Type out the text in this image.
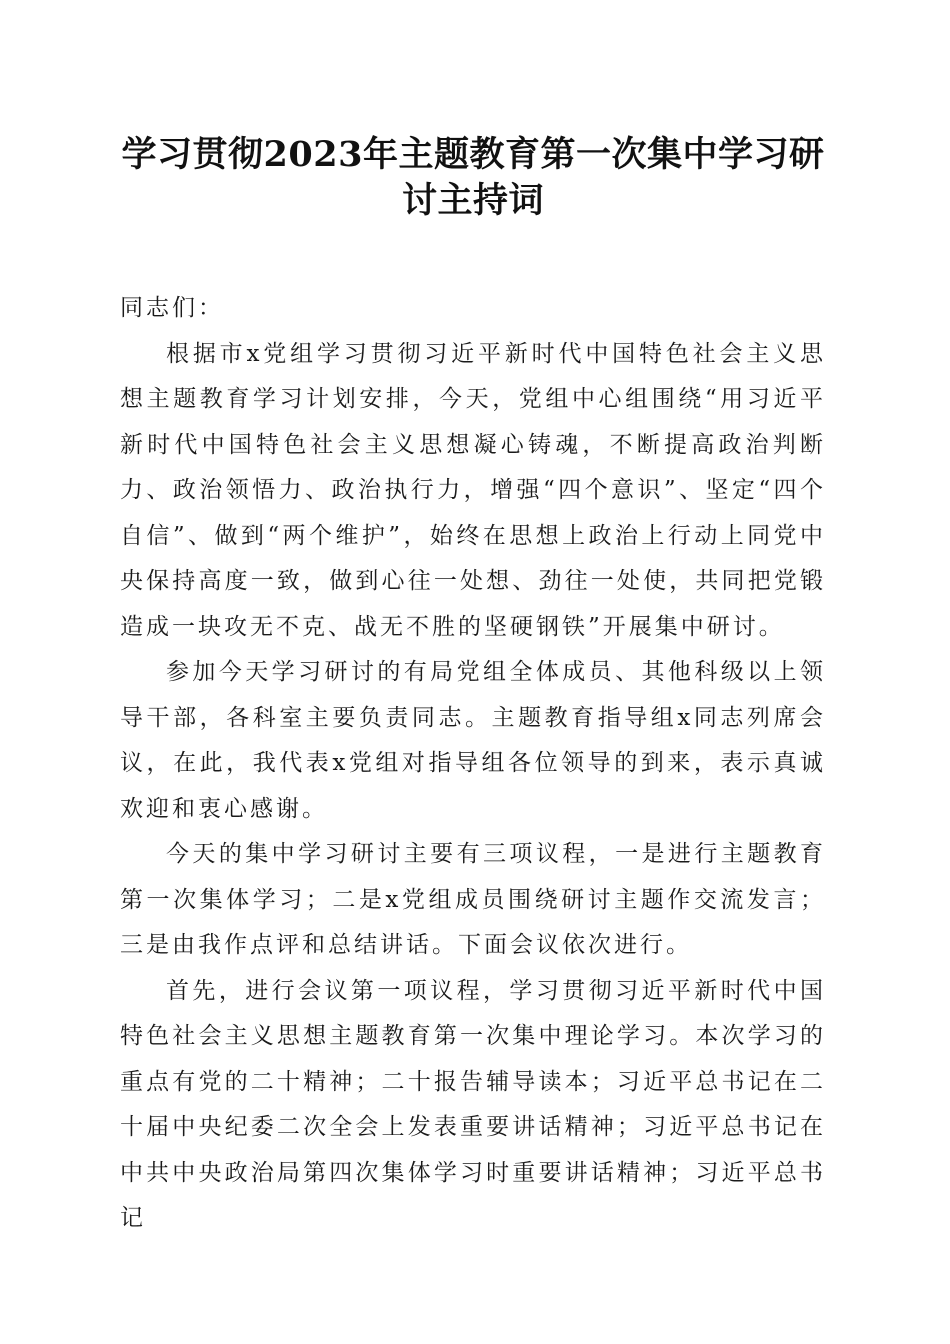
学习贯彻2023年主题教育第一次集中学习研
讨主持词

同志们：

根据市x党组学习贯彻习近平新时代中国特色社会主义思想主题教育学习计划安排，今天，党组中心组围绕“用习近平新时代中国特色社会主义思想凝心铸魂，不断提高政治判断力、政治领悟力、政治执行力，增强“四个意识”、坚定“四个自信”、做到“两个维护”，始终在思想上政治上行动上同党中央保持高度一致，做到心往一处想、劲往一处使，共同把党锻造成一块攻无不克、战无不胜的坚硬钢铁”开展集中研讨。

参加今天学习研讨的有局党组全体成员、其他科级以上领导干部，各科室主要负责同志。主题教育指导组x同志列席会议，在此，我代表x党组对指导组各位领导的到来，表示真诚欢迎和衷心感谢。

今天的集中学习研讨主要有三项议程，一是进行主题教育第一次集体学习；二是x党组成员围绕研讨主题作交流发言；三是由我作点评和总结讲话。下面会议依次进行。

首先，进行会议第一项议程，学习贯彻习近平新时代中国特色社会主义思想主题教育第一次集中理论学习。本次学习的重点有党的二十精神；二十报告辅导读本；习近平总书记在二十届中央纪委二次全会上发表重要讲话精神；习近平总书记在中共中央政治局第四次集体学习时重要讲话精神；习近平总书记
